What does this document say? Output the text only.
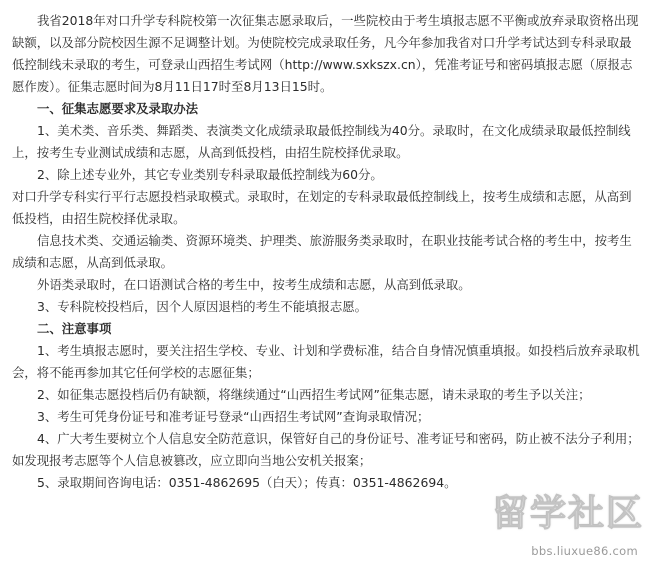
我省2018年对口升学专科院校第一次征集志愿录取后，一些院校由于考生填报志愿不平衡或放弃录取资格出现缺额，以及部分院校因生源不足调整计划。为使院校完成录取任务，凡今年参加我省对口升学考试达到专科录取最低控制线未录取的考生，可登录山西招生考试网（http://www.sxkszx.cn），凭准考证号和密码填报志愿（原报志愿作废）。征集志愿时间为8月11日17时至8月13日15时。

一、征集志愿要求及录取办法

1、美术类、音乐类、舞蹈类、表演类文化成绩录取最低控制线为40分。录取时，在文化成绩录取最低控制线上，按考生专业测试成绩和志愿，从高到低投档，由招生院校择优录取。

2、除上述专业外，其它专业类别专科录取最低控制线为60分。

对口升学专科实行平行志愿投档录取模式。录取时，在划定的专科录取最低控制线上，按考生成绩和志愿，从高到低投档，由招生院校择优录取。

信息技术类、交通运输类、资源环境类、护理类、旅游服务类录取时，在职业技能考试合格的考生中，按考生成绩和志愿，从高到低录取。

外语类录取时，在口语测试合格的考生中，按考生成绩和志愿，从高到低录取。

3、专科院校投档后，因个人原因退档的考生不能填报志愿。

二、注意事项

1、考生填报志愿时，要关注招生学校、专业、计划和学费标准，结合自身情况慎重填报。如投档后放弃录取机会，将不能再参加其它任何学校的志愿征集；

2、如征集志愿投档后仍有缺额，将继续通过“山西招生考试网”征集志愿，请未录取的考生予以关注；

3、考生可凭身份证号和准考证号登录“山西招生考试网”查询录取情况；

4、广大考生要树立个人信息安全防范意识，保管好自己的身份证号、准考证号和密码，防止被不法分子利用；如发现报考志愿等个人信息被篡改，应立即向当地公安机关报案；

5、录取期间咨询电话：0351-4862695（白天）；传真：0351-4862694。

留学社区
bbs.liuxue86.com
